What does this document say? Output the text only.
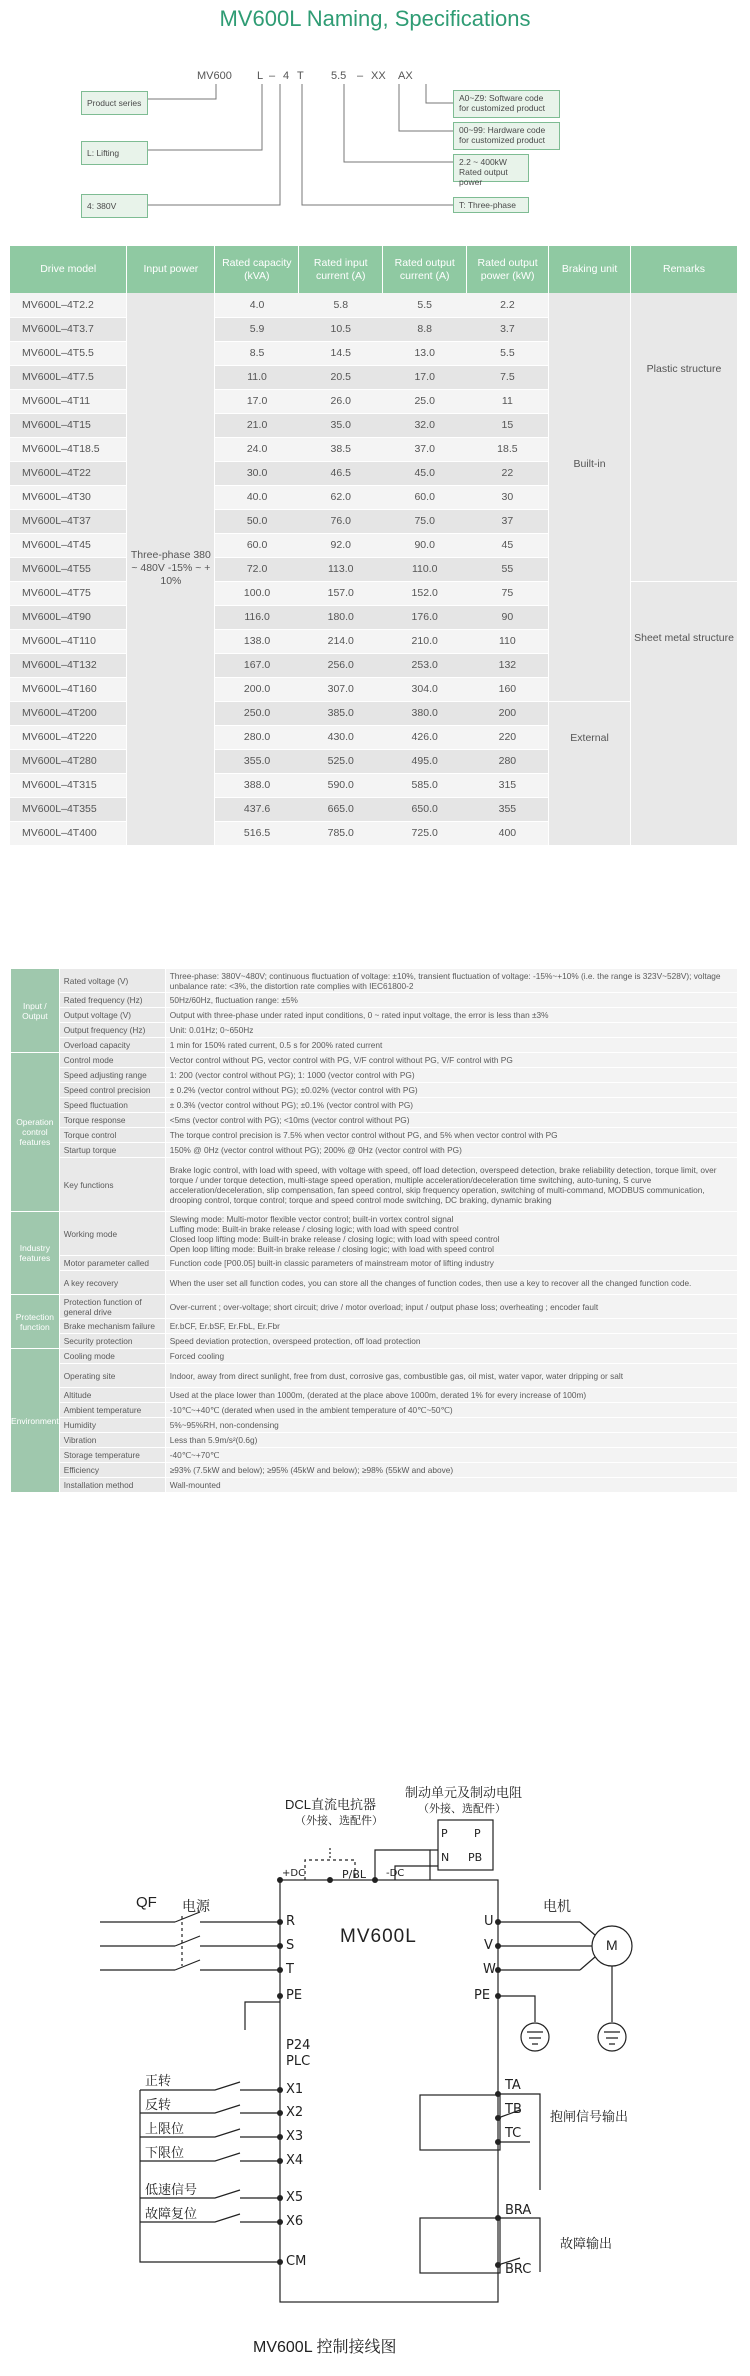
MV600L Naming, Specifications
MV600 L – 4 T 5.5 – XX AX
Product series
L: Lifting
4: 380V
A0~Z9: Software code for customized product
00~99: Hardware code for customized product
2.2 ~ 400kW Rated output power
T: Three-phase
Drive model	Input power	Rated capacity (kVA)	Rated input current (A)	Rated output current (A)	Rated output power (kW)	Braking unit	Remarks
MV600L–4T2.2	Three-phase 380 ~ 480V -15% ~ + 10%	4.0	5.8	5.5	2.2	Built-in	Plastic structure
MV600L–4T3.7		5.9	10.5	8.8	3.7		
MV600L–4T5.5		8.5	14.5	13.0	5.5		
MV600L–4T7.5		11.0	20.5	17.0	7.5		
MV600L–4T11		17.0	26.0	25.0	11		
MV600L–4T15		21.0	35.0	32.0	15		
MV600L–4T18.5		24.0	38.5	37.0	18.5		
MV600L–4T22		30.0	46.5	45.0	22		
MV600L–4T30		40.0	62.0	60.0	30		
MV600L–4T37		50.0	76.0	75.0	37		
MV600L–4T45		60.0	92.0	90.0	45		
MV600L–4T55		72.0	113.0	110.0	55		
MV600L–4T75		100.0	157.0	152.0	75		Sheet metal structure
MV600L–4T90		116.0	180.0	176.0	90		
MV600L–4T110		138.0	214.0	210.0	110		
MV600L–4T132		167.0	256.0	253.0	132		
MV600L–4T160		200.0	307.0	304.0	160		
MV600L–4T200		250.0	385.0	380.0	200	External	
MV600L–4T220		280.0	430.0	426.0	220		
MV600L–4T280		355.0	525.0	495.0	280		
MV600L–4T315		388.0	590.0	585.0	315		
MV600L–4T355		437.6	665.0	650.0	355		
MV600L–4T400		516.5	785.0	725.0	400		
Input / Output	Rated voltage (V)	Three-phase: 380V~480V; continuous fluctuation of voltage: ±10%, transient fluctuation of voltage: -15%~+10% (i.e. the range is 323V~528V); voltage unbalance rate: <3%, the distortion rate complies with IEC61800-2
	Rated frequency (Hz)	50Hz/60Hz, fluctuation range: ±5%
	Output voltage (V)	Output with three-phase under rated input conditions, 0 ~ rated input voltage, the error is less than ±3%
	Output frequency (Hz)	Unit: 0.01Hz; 0~650Hz
	Overload capacity	1 min for 150% rated current, 0.5 s for 200% rated current
Operation control features	Control mode	Vector control without PG, vector control with PG, V/F control without PG, V/F control with PG
	Speed adjusting range	1: 200 (vector control without PG); 1: 1000 (vector control with PG)
	Speed control precision	± 0.2% (vector control without PG); ±0.02% (vector control with PG)
	Speed fluctuation	± 0.3% (vector control without PG); ±0.1% (vector control with PG)
	Torque response	<5ms (vector control with PG); <10ms (vector control without PG)
	Torque control	The torque control precision is 7.5% when vector control without PG, and 5% when vector control with PG
	Startup torque	150% @ 0Hz (vector control without PG); 200% @ 0Hz (vector control with PG)
	Key functions	Brake logic control, with load with speed, with voltage with speed, off load detection, overspeed detection, brake reliability detection, torque limit, over torque / under torque detection, multi-stage speed operation, multiple acceleration/deceleration time switching, auto-tuning, S curve acceleration/deceleration, slip compensation, fan speed control, skip frequency operation, switching of multi-command, MODBUS communication, drooping control, torque control; torque and speed control mode switching, DC braking, dynamic braking
Industry features	Working mode	Slewing mode: Multi-motor flexible vector control; built-in vortex control signal
Luffing mode: Built-in brake release / closing logic; with load with speed control
Closed loop lifting mode: Built-in brake release / closing logic; with load with speed control
Open loop lifting mode: Built-in brake release / closing logic; with load with speed control
	Motor parameter called	Function code [P00.05] built-in classic parameters of mainstream motor of lifting industry
	A key recovery	When the user set all function codes, you can store all the changes of function codes, then use a key to recover all the changed function code.
Protection function	Protection function of general drive	Over-current ; over-voltage; short circuit; drive / motor overload; input / output phase loss; overheating ; encoder fault
	Brake mechanism failure	Er.bCF, Er.bSF, Er.FbL, Er.Fbr
	Security protection	Speed deviation protection, overspeed protection, off load protection
Environment	Cooling mode	Forced cooling
	Operating site	Indoor, away from direct sunlight, free from dust, corrosive gas, combustible gas, oil mist, water vapor, water dripping or salt
	Altitude	Used at the place lower than 1000m, (derated at the place above 1000m, derated 1% for every increase of 100m)
	Ambient temperature	-10℃~+40℃ (derated when used in the ambient temperature of 40℃~50℃)
	Humidity	5%~95%RH, non-condensing
	Vibration	Less than 5.9m/s²(0.6g)
	Storage temperature	-40℃~+70℃
	Efficiency	≥93% (7.5kW and below); ≥95% (45kW and below); ≥98% (55kW and above)
	Installation method	Wall-mounted
DCL直流电抗器
（外接、选配件）
制动单元及制动电阻
（外接、选配件）
+DC	P/BL -DC
P
N
P
PB
QF 电源
MV600L
电机
M
R
S
T
PE
U
V
W
PE
P24
PLC
X1
X2
X3
X4
X5
X6
CM
正转
反转
上限位
下限位
低速信号
故障复位
TA
TB
TC
抱闸信号输出
BRA
BRC
故障输出
MV600L 控制接线图
